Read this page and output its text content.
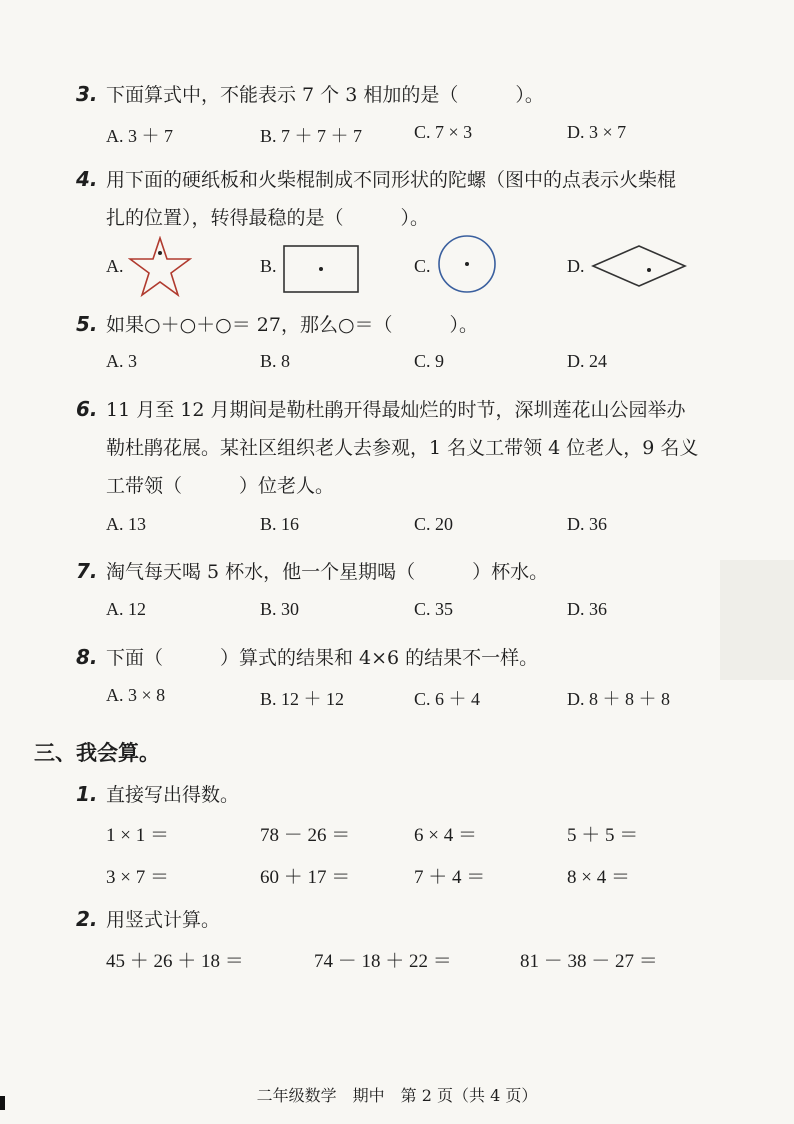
3. 下面算式中，不能表示 7 个 3 相加的是（　　　）。
A. 3 ＋ 7	B. 7 ＋ 7 ＋ 7	C. 7 × 3	D. 3 × 7
4. 用下面的硬纸板和火柴棍制成不同形状的陀螺（图中的点表示火柴棍
扎的位置），转得最稳的是（　　　）。
A.	B.	C.	D.
5. 如果○＋○＋○＝ 27，那么○＝（　　　）。
A. 3	B. 8	C. 9	D. 24
6. 11 月至 12 月期间是勒杜鹃开得最灿烂的时节，深圳莲花山公园举办
勒杜鹃花展。某社区组织老人去参观，1 名义工带领 4 位老人，9 名义
工带领（　　　）位老人。
A. 13	B. 16	C. 20	D. 36
7. 淘气每天喝 5 杯水，他一个星期喝（　　　）杯水。
A. 12	B. 30	C. 35	D. 36
8. 下面（　　　）算式的结果和 4×6 的结果不一样。
A. 3 × 8	B. 12 ＋ 12	C. 6 ＋ 4	D. 8 ＋ 8 ＋ 8
三、我会算。
1. 直接写出得数。
1 × 1 ＝	78 － 26 ＝	6 × 4 ＝	5 ＋ 5 ＝
3 × 7 ＝	60 ＋ 17 ＝	7 ＋ 4 ＝	8 × 4 ＝
2. 用竖式计算。
45 ＋ 26 ＋ 18 ＝	74 － 18 ＋ 22 ＝	81 － 38 － 27 ＝
二年级数学　期中　第 2 页（共 4 页）
